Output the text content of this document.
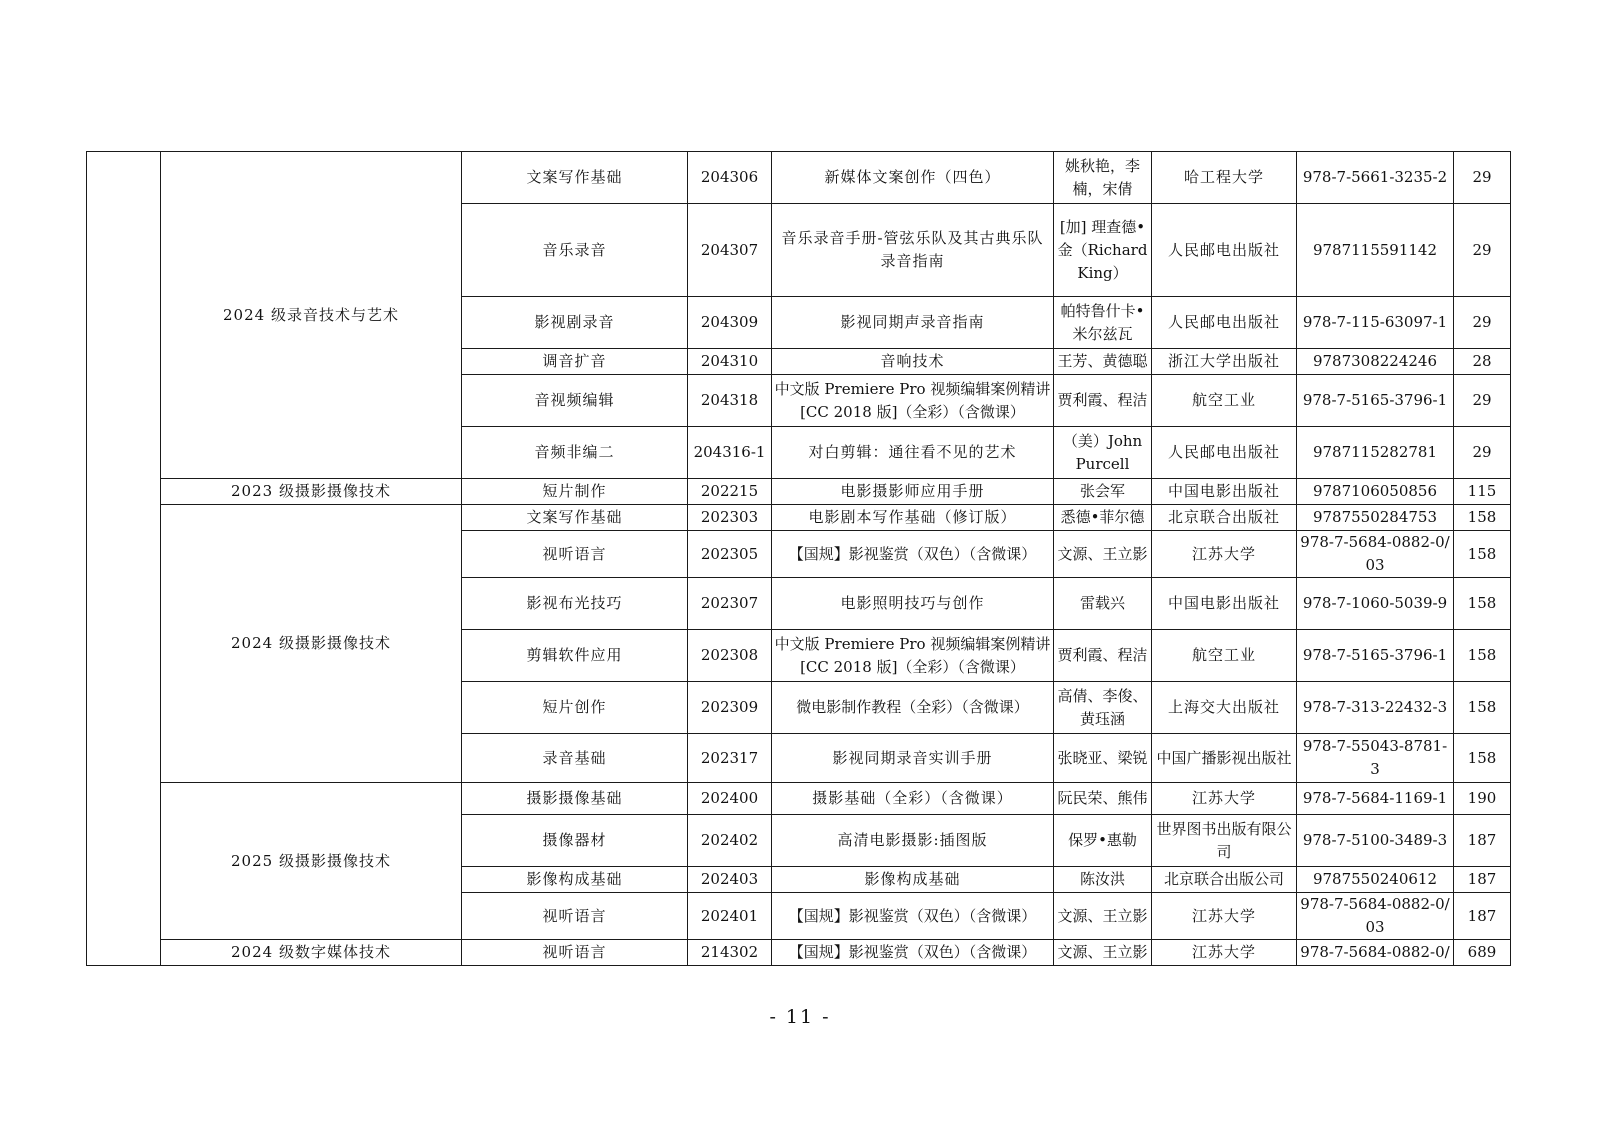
	2024 级录音技术与艺术	文案写作基础	204306	新媒体文案创作（四色）	姚秋艳，李楠，宋倩	哈工程大学	978-7-5661-3235-2	29
		音乐录音	204307	音乐录音手册-管弦乐队及其古典乐队录音指南	[加] 理查德•金（Richard King）	人民邮电出版社	9787115591142	29
		影视剧录音	204309	影视同期声录音指南	帕特鲁什卡•米尔兹瓦	人民邮电出版社	978-7-115-63097-1	29
		调音扩音	204310	音响技术	王芳、黄德聪	浙江大学出版社	9787308224246	28
		音视频编辑	204318	中文版 Premiere Pro 视频编辑案例精讲[CC 2018 版]（全彩）（含微课）	贾利霞、程洁	航空工业	978-7-5165-3796-1	29
		音频非编二	204316-1	对白剪辑：通往看不见的艺术	（美）John Purcell	人民邮电出版社	9787115282781	29
	2023 级摄影摄像技术	短片制作	202215	电影摄影师应用手册	张会军	中国电影出版社	9787106050856	115
	2024 级摄影摄像技术	文案写作基础	202303	电影剧本写作基础（修订版）	悉德•菲尔德	北京联合出版社	9787550284753	158
		视听语言	202305	【国规】影视鉴赏（双色）（含微课）	文源、王立影	江苏大学	978-7-5684-0882-0/03	158
		影视布光技巧	202307	电影照明技巧与创作	雷载兴	中国电影出版社	978-7-1060-5039-9	158
		剪辑软件应用	202308	中文版 Premiere Pro 视频编辑案例精讲[CC 2018 版]（全彩）（含微课）	贾利霞、程洁	航空工业	978-7-5165-3796-1	158
		短片创作	202309	微电影制作教程（全彩）（含微课）	高倩、李俊、黄珏涵	上海交大出版社	978-7-313-22432-3	158
		录音基础	202317	影视同期录音实训手册	张晓亚、梁锐	中国广播影视出版社	978-7-55043-8781-3	158
	2025 级摄影摄像技术	摄影摄像基础	202400	摄影基础（全彩）（含微课）	阮民荣、熊伟	江苏大学	978-7-5684-1169-1	190
		摄像器材	202402	高清电影摄影:插图版	保罗•惠勒	世界图书出版有限公司	978-7-5100-3489-3	187
		影像构成基础	202403	影像构成基础	陈汝洪	北京联合出版公司	9787550240612	187
		视听语言	202401	【国规】影视鉴赏（双色）（含微课）	文源、王立影	江苏大学	978-7-5684-0882-0/03	187
	2024 级数字媒体技术	视听语言	214302	【国规】影视鉴赏（双色）（含微课）	文源、王立影	江苏大学	978-7-5684-0882-0/	689
- 11 -
